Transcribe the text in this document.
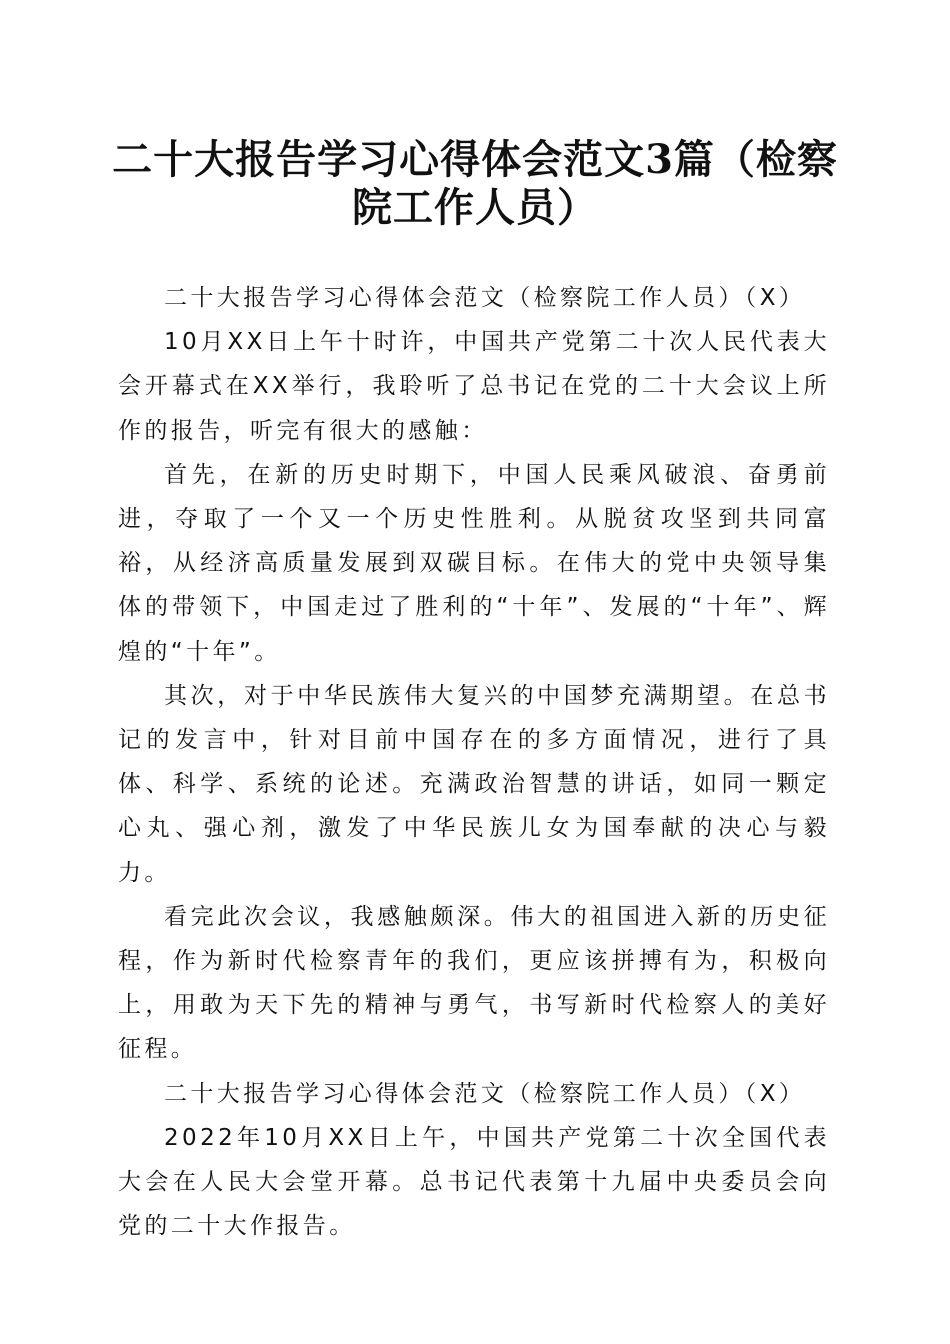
二十大报告学习心得体会范文3篇（检察院工作人员）

二十大报告学习心得体会范文（检察院工作人员）（X）

10月XX日上午十时许，中国共产党第二十次人民代表大会开幕式在XX举行，我聆听了总书记在党的二十大会议上所作的报告，听完有很大的感触：

首先，在新的历史时期下，中国人民乘风破浪、奋勇前进，夺取了一个又一个历史性胜利。从脱贫攻坚到共同富裕，从经济高质量发展到双碳目标。在伟大的党中央领导集体的带领下，中国走过了胜利的“十年”、发展的“十年”、辉煌的“十年”。

其次，对于中华民族伟大复兴的中国梦充满期望。在总书记的发言中，针对目前中国存在的多方面情况，进行了具体、科学、系统的论述。充满政治智慧的讲话，如同一颗定心丸、强心剂，激发了中华民族儿女为国奉献的决心与毅力。

看完此次会议，我感触颇深。伟大的祖国进入新的历史征程，作为新时代检察青年的我们，更应该拼搏有为，积极向上，用敢为天下先的精神与勇气，书写新时代检察人的美好征程。

二十大报告学习心得体会范文（检察院工作人员）（X）

2022年10月XX日上午，中国共产党第二十次全国代表大会在人民大会堂开幕。总书记代表第十九届中央委员会向党的二十大作报告。
